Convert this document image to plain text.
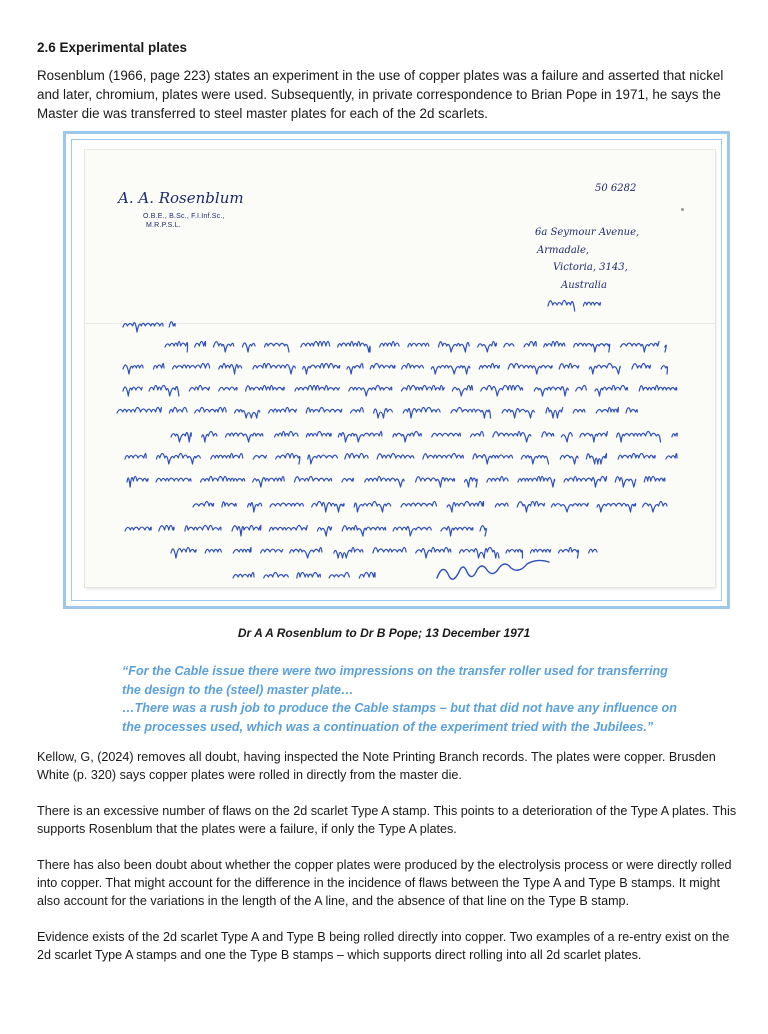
2.6 Experimental plates

Rosenblum (1966, page 223) states an experiment in the use of copper plates was a failure and asserted that nickel and later, chromium, plates were used. Subsequently, in private correspondence to Brian Pope in 1971, he says the Master die was transferred to steel master plates for each of the 2d scarlets.

A. A. Rosenblum

O.B.E., B.Sc., F.I.Inf.Sc.,
M.R.P.S.L.

50 6282

6a Seymour Avenue,
Armadale,
Victoria, 3143,
Australia

Dr A A Rosenblum to Dr B Pope; 13 December 1971

“For the Cable issue there were two impressions on the transfer roller used for transferring
the design to the (steel) master plate…
…There was a rush job to produce the Cable stamps – but that did not have any influence on
the processes used, which was a continuation of the experiment tried with the Jubilees.”

Kellow, G, (2024) removes all doubt, having inspected the Note Printing Branch records. The plates were copper. Brusden White (p. 320) says copper plates were rolled in directly from the master die.

There is an excessive number of flaws on the 2d scarlet Type A stamp. This points to a deterioration of the Type A plates. This supports Rosenblum that the plates were a failure, if only the Type A plates.

There has also been doubt about whether the copper plates were produced by the electrolysis process or were directly rolled into copper. That might account for the difference in the incidence of flaws between the Type A and Type B stamps. It might also account for the variations in the length of the A line, and the absence of that line on the Type B stamp.

Evidence exists of the 2d scarlet Type A and Type B being rolled directly into copper. Two examples of a re-entry exist on the 2d scarlet Type A stamps and one the Type B stamps – which supports direct rolling into all 2d scarlet plates.
